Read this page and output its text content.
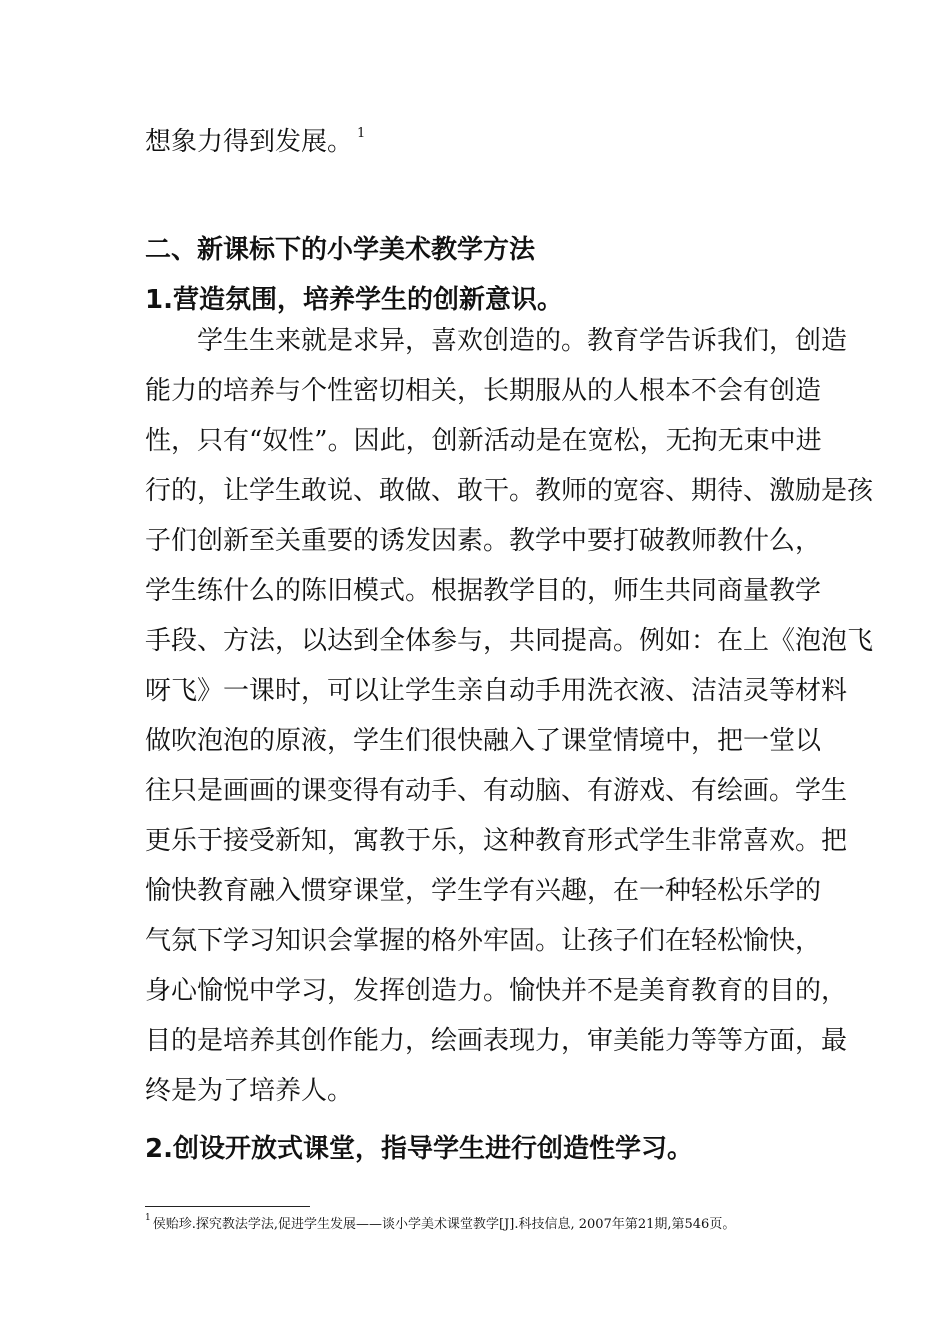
想象力得到发展。 $^1$
二、新课标下的小学美术教学方法
1.营造氛围，培养学生的创新意识。
学生生来就是求异，喜欢创造的。教育学告诉我们，创造
能力的培养与个性密切相关，长期服从的人根本不会有创造
性，只有“奴性”。因此，创新活动是在宽松，无拘无束中进
行的，让学生敢说、敢做、敢干。教师的宽容、期待、激励是孩
子们创新至关重要的诱发因素。教学中要打破教师教什么，
学生练什么的陈旧模式。根据教学目的，师生共同商量教学
手段、方法，以达到全体参与，共同提高。例如：在上《泡泡飞
呀飞》一课时，可以让学生亲自动手用洗衣液、洁洁灵等材料
做吹泡泡的原液，学生们很快融入了课堂情境中，把一堂以
往只是画画的课变得有动手、有动脑、有游戏、有绘画。学生
更乐于接受新知，寓教于乐，这种教育形式学生非常喜欢。把
愉快教育融入惯穿课堂，学生学有兴趣，在一种轻松乐学的
气氛下学习知识会掌握的格外牢固。让孩子们在轻松愉快，
身心愉悦中学习，发挥创造力。愉快并不是美育教育的目的，
目的是培养其创作能力，绘画表现力，审美能力等等方面，最
终是为了培养人。
2.创设开放式课堂，指导学生进行创造性学习。
$^1$ 侯贻珍.探究教法学法,促进学生发展——谈小学美术课堂教学[J].科技信息, 2007年第21期,第546页。
